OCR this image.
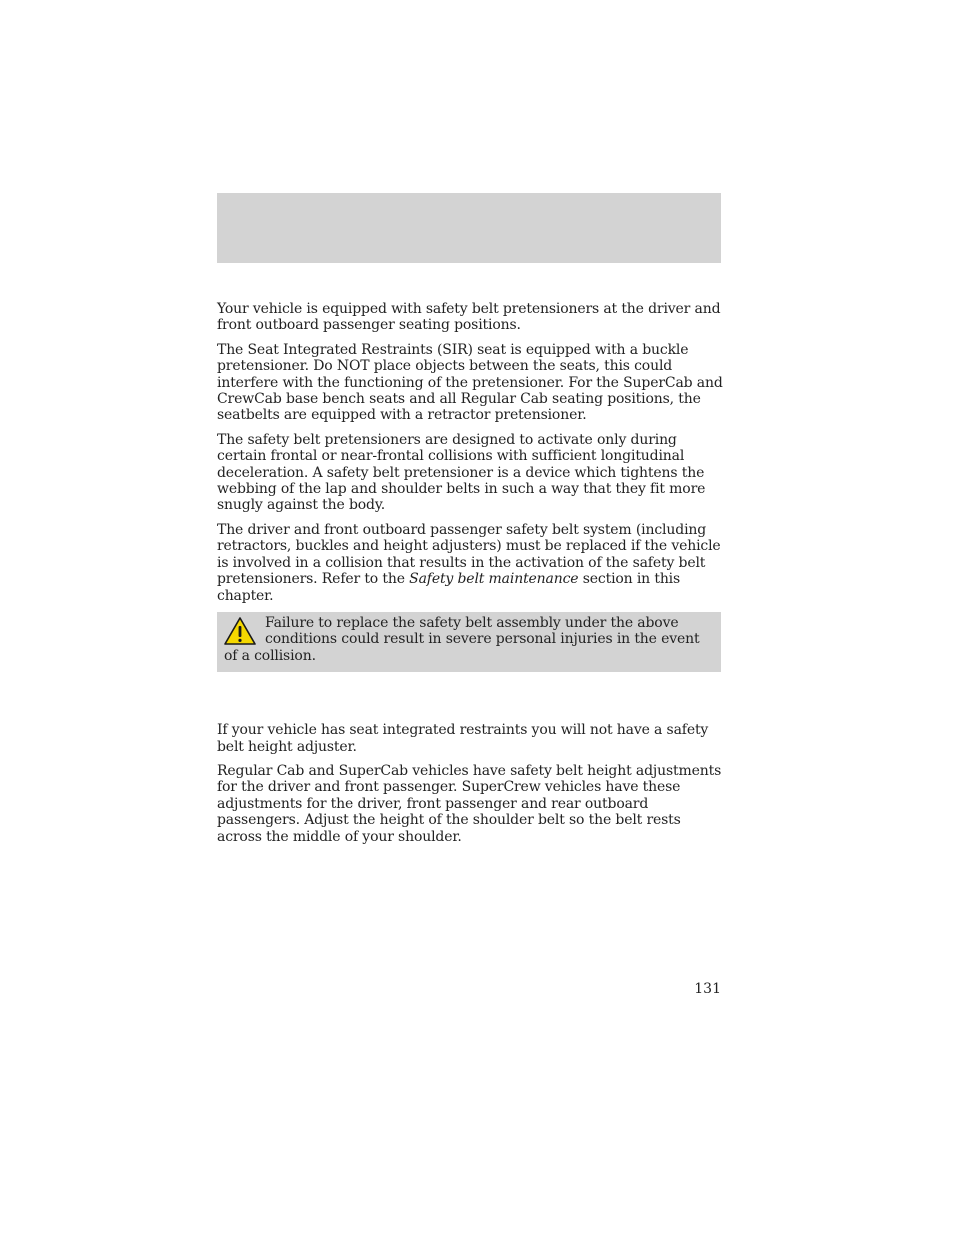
Your vehicle is equipped with safety belt pretensioners at the driver and front outboard passenger seating positions.

The Seat Integrated Restraints (SIR) seat is equipped with a buckle pretensioner. Do NOT place objects between the seats, this could interfere with the functioning of the pretensioner. For the SuperCab and CrewCab base bench seats and all Regular Cab seating positions, the seatbelts are equipped with a retractor pretensioner.

The safety belt pretensioners are designed to activate only during certain frontal or near-frontal collisions with sufficient longitudinal deceleration. A safety belt pretensioner is a device which tightens the webbing of the lap and shoulder belts in such a way that they fit more snugly against the body.

The driver and front outboard passenger safety belt system (including retractors, buckles and height adjusters) must be replaced if the vehicle is involved in a collision that results in the activation of the safety belt pretensioners. Refer to the Safety belt maintenance section in this chapter.

Failure to replace the safety belt assembly under the above conditions could result in severe personal injuries in the event of a collision.

If your vehicle has seat integrated restraints you will not have a safety belt height adjuster.

Regular Cab and SuperCab vehicles have safety belt height adjustments for the driver and front passenger. SuperCrew vehicles have these adjustments for the driver, front passenger and rear outboard passengers. Adjust the height of the shoulder belt so the belt rests across the middle of your shoulder.

131
